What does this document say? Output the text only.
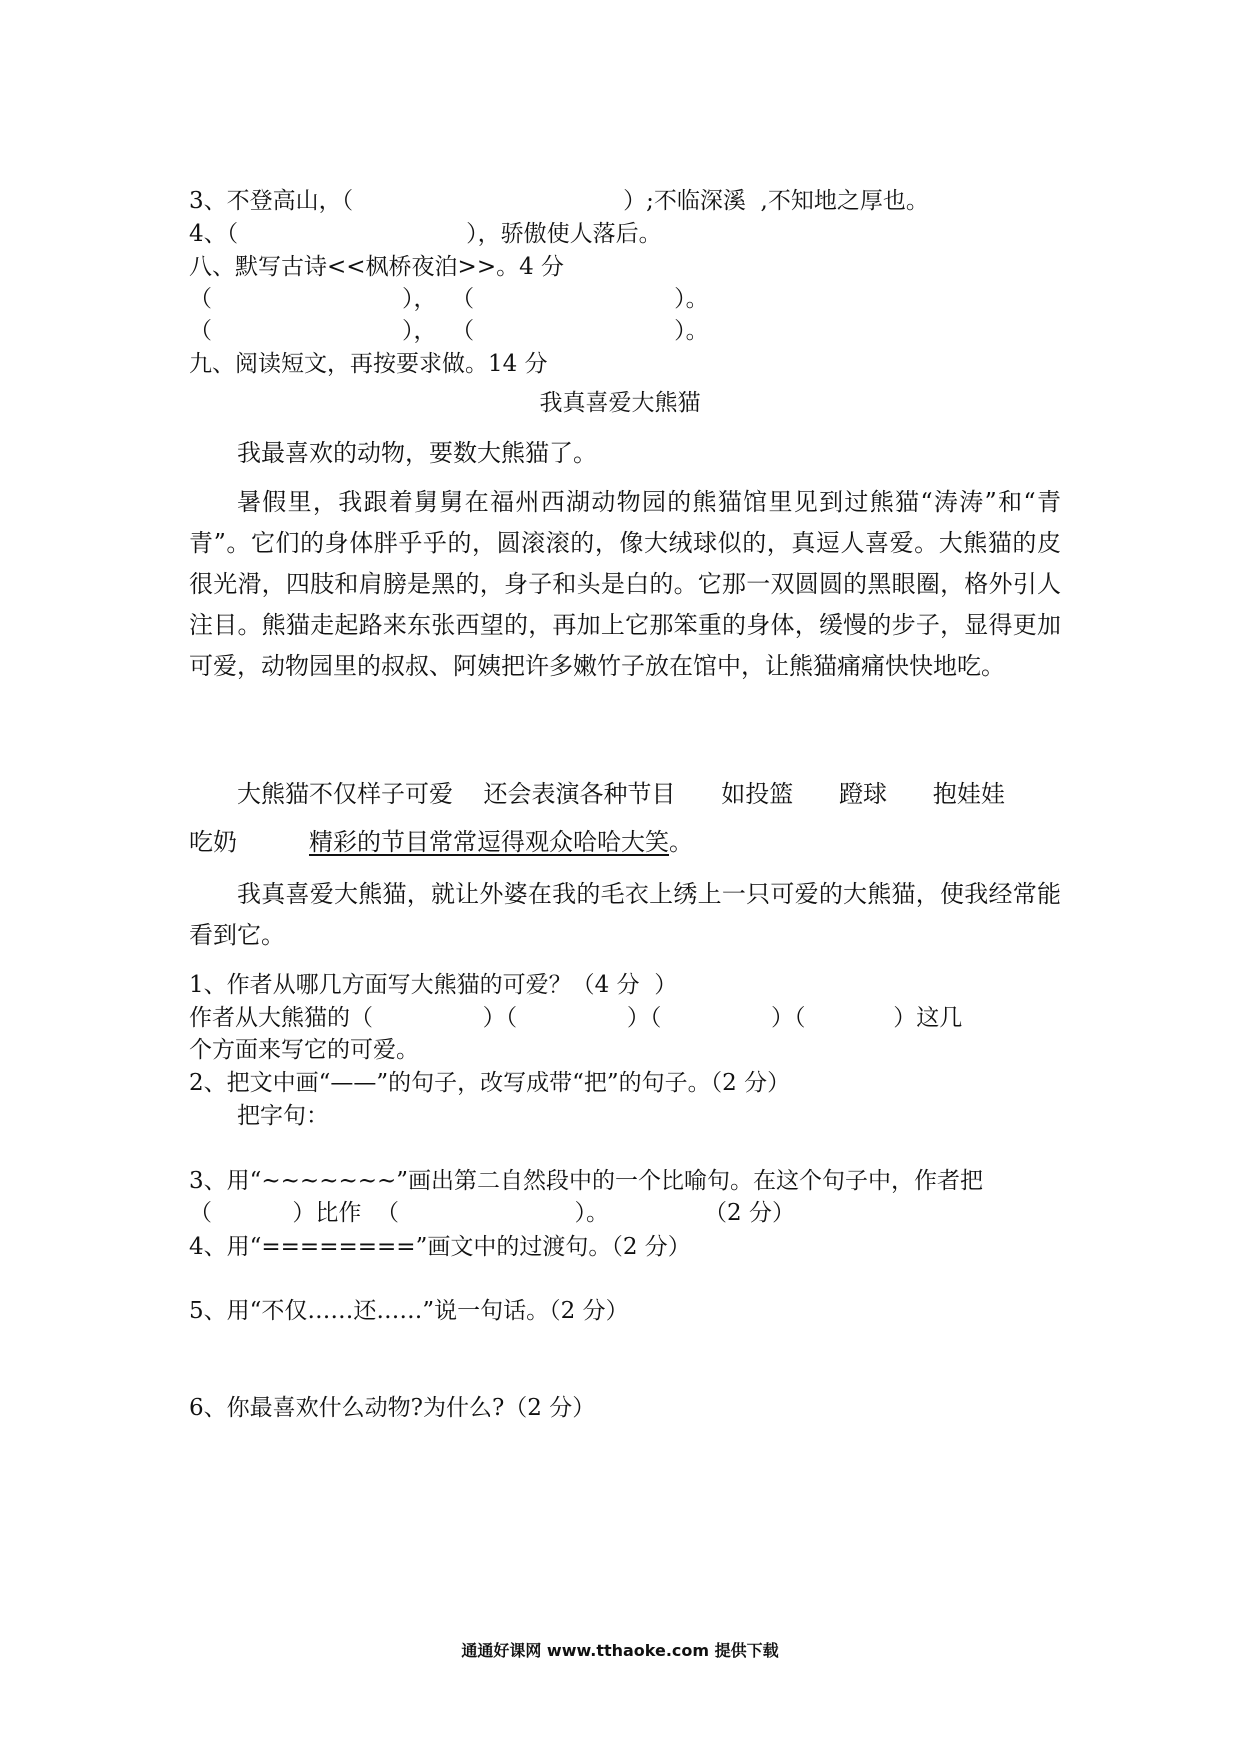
3、不登高山，（	）;不临深溪  ,不知地之厚也。
4、（	），骄傲使人落后。
八、默写古诗<<枫桥夜泊>>。4 分
（	），  （	）。
（	），  （	）。
九、阅读短文，再按要求做。14 分
我真喜爱大熊猫
我最喜欢的动物，要数大熊猫了。
暑假里，我跟着舅舅在福州西湖动物园的熊猫馆里见到过熊猫“涛涛”和“青青”。它们的身体胖乎乎的，圆滚滚的，像大绒球似的，真逗人喜爱。大熊猫的皮很光滑，四肢和肩膀是黑的，身子和头是白的。它那一双圆圆的黑眼圈，格外引人注目。熊猫走起路来东张西望的，再加上它那笨重的身体，缓慢的步子，显得更加可爱，动物园里的叔叔、阿姨把许多嫩竹子放在馆中，让熊猫痛痛快快地吃。
大熊猫不仅样子可爱    还会表演各种节目      如投篮      蹬球      抱娃娃
吃奶	精彩的节目常常逗得观众哈哈大笑。
我真喜爱大熊猫，就让外婆在我的毛衣上绣上一只可爱的大熊猫，使我经常能看到它。
1、作者从哪几方面写大熊猫的可爱？（4 分  ）
作者从大熊猫的（               ）（               ）（               ）（            ）这几
个方面来写它的可爱。
2、把文中画“——”的句子，改写成带“把”的句子。（2 分）
把字句：
3、用“~~~~~~~”画出第二自然段中的一个比喻句。在这个句子中，作者把
（           ）比作  （                        ）。             （2 分）
4、用“========”画文中的过渡句。（2 分）
5、用“不仅……还……”说一句话。（2 分）
6、你最喜欢什么动物?为什么?（2 分）
通通好课网 www.tthaoke.com 提供下载
